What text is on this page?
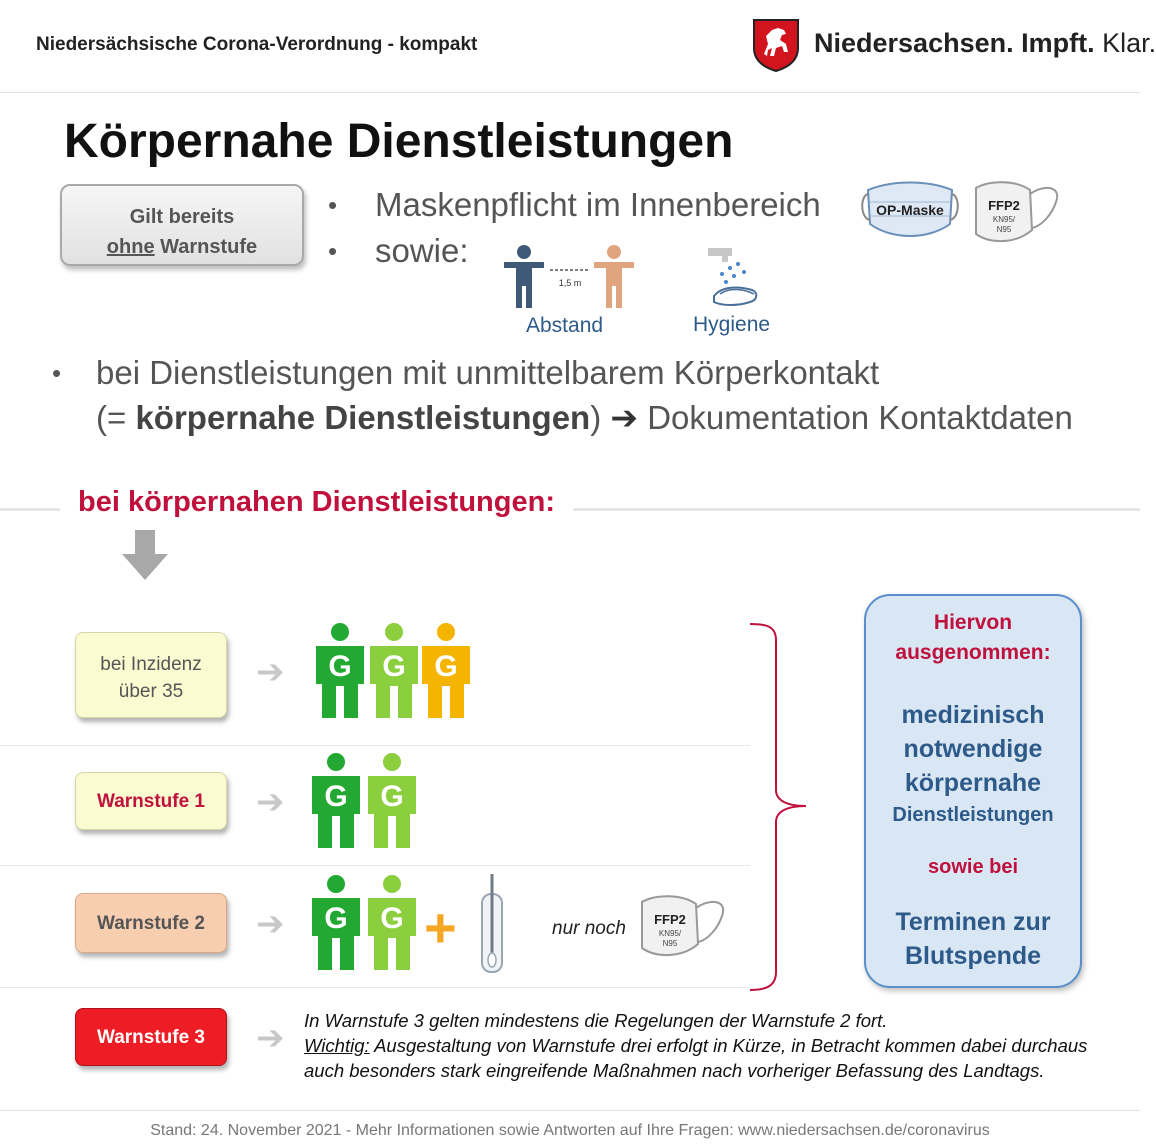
Niedersächsische Corona-Verordnung - kompakt	Niedersachsen. Impft. Klar.
Körpernahe Dienstleistungen
Gilt bereits
ohne Warnstufe
• Maskenpflicht im Innenbereich
• sowie:
OP-Maske	FFP2
KN95/
N95
1,5 m
Abstand	Hygiene
• bei Dienstleistungen mit unmittelbarem Körperkontakt
(= körpernahe Dienstleistungen) ➔ Dokumentation Kontaktdaten
bei körpernahen Dienstleistungen:
bei Inzidenz
über 35
➔ G G G
Warnstufe 1	➔ G G
Warnstufe 2	➔ G G +	nur noch FFP2
KN95/
N95
Warnstufe 3	➔ In Warnstufe 3 gelten mindestens die Regelungen der Warnstufe 2 fort.
Wichtig: Ausgestaltung von Warnstufe drei erfolgt in Kürze, in Betracht kommen dabei durchaus
auch besonders stark eingreifende Maßnahmen nach vorheriger Befassung des Landtags.
Hiervon
ausgenommen:
medizinisch
notwendige
körpernahe
Dienstleistungen
sowie bei
Terminen zur
Blutspende
Stand: 24. November 2021 - Mehr Informationen sowie Antworten auf Ihre Fragen: www.niedersachsen.de/coronavirus
